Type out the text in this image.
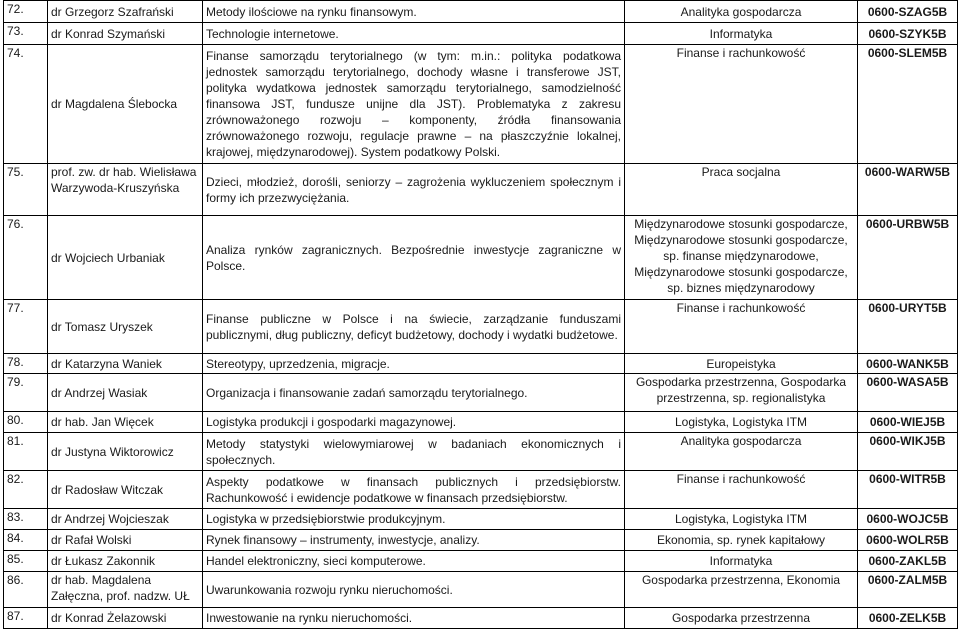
72.	dr Grzegorz Szafrański	Metody ilościowe na rynku finansowym.	Analityka gospodarcza	0600-SZAG5B
73.	dr Konrad Szymański	Technologie internetowe.	Informatyka	0600-SZYK5B
74.	dr Magdalena Ślebocka	Finanse samorządu terytorialnego (w tym: m.in.: polityka podatkowa jednostek samorządu terytorialnego, dochody własne i transferowe JST, polityka wydatkowa jednostek samorządu terytorialnego, samodzielność finansowa JST, fundusze unijne dla JST). Problematyka z zakresu zrównoważonego rozwoju – komponenty, źródła finansowania zrównoważonego rozwoju, regulacje prawne – na płaszczyźnie lokalnej, krajowej, międzynarodowej). System podatkowy Polski.	Finanse i rachunkowość	0600-SLEM5B
75.	prof. zw. dr hab. Wielisława Warzywoda-Kruszyńska	Dzieci, młodzież, dorośli, seniorzy – zagrożenia wykluczeniem społecznym i formy ich przezwyciężania.	Praca socjalna	0600-WARW5B
76.	dr Wojciech Urbaniak	Analiza rynków zagranicznych. Bezpośrednie inwestycje zagraniczne w Polsce.	Międzynarodowe stosunki gospodarcze, Międzynarodowe stosunki gospodarcze, sp. finanse międzynarodowe, Międzynarodowe stosunki gospodarcze, sp. biznes międzynarodowy	0600-URBW5B
77.	dr Tomasz Uryszek	Finanse publiczne w Polsce i na świecie, zarządzanie funduszami publicznymi, dług publiczny, deficyt budżetowy, dochody i wydatki budżetowe.	Finanse i rachunkowość	0600-URYT5B
78.	dr Katarzyna Waniek	Stereotypy, uprzedzenia, migracje.	Europeistyka	0600-WANK5B
79.	dr Andrzej Wasiak	Organizacja i finansowanie zadań samorządu terytorialnego.	Gospodarka przestrzenna, Gospodarka przestrzenna, sp. regionalistyka	0600-WASA5B
80.	dr hab. Jan Więcek	Logistyka produkcji i gospodarki magazynowej.	Logistyka, Logistyka ITM	0600-WIEJ5B
81.	dr Justyna Wiktorowicz	Metody statystyki wielowymiarowej w badaniach ekonomicznych i społecznych.	Analityka gospodarcza	0600-WIKJ5B
82.	dr Radosław Witczak	Aspekty podatkowe w finansach publicznych i przedsiębiorstw. Rachunkowość i ewidencje podatkowe w finansach przedsiębiorstw.	Finanse i rachunkowość	0600-WITR5B
83.	dr Andrzej Wojcieszak	Logistyka w przedsiębiorstwie produkcyjnym.	Logistyka, Logistyka ITM	0600-WOJC5B
84.	dr Rafał Wolski	Rynek finansowy – instrumenty, inwestycje, analizy.	Ekonomia, sp. rynek kapitałowy	0600-WOLR5B
85.	dr Łukasz Zakonnik	Handel elektroniczny, sieci komputerowe.	Informatyka	0600-ZAKL5B
86.	dr hab. Magdalena Załęczna, prof. nadzw. UŁ	Uwarunkowania rozwoju rynku nieruchomości.	Gospodarka przestrzenna, Ekonomia	0600-ZALM5B
87.	dr Konrad Żelazowski	Inwestowanie na rynku nieruchomości.	Gospodarka przestrzenna	0600-ZELK5B
